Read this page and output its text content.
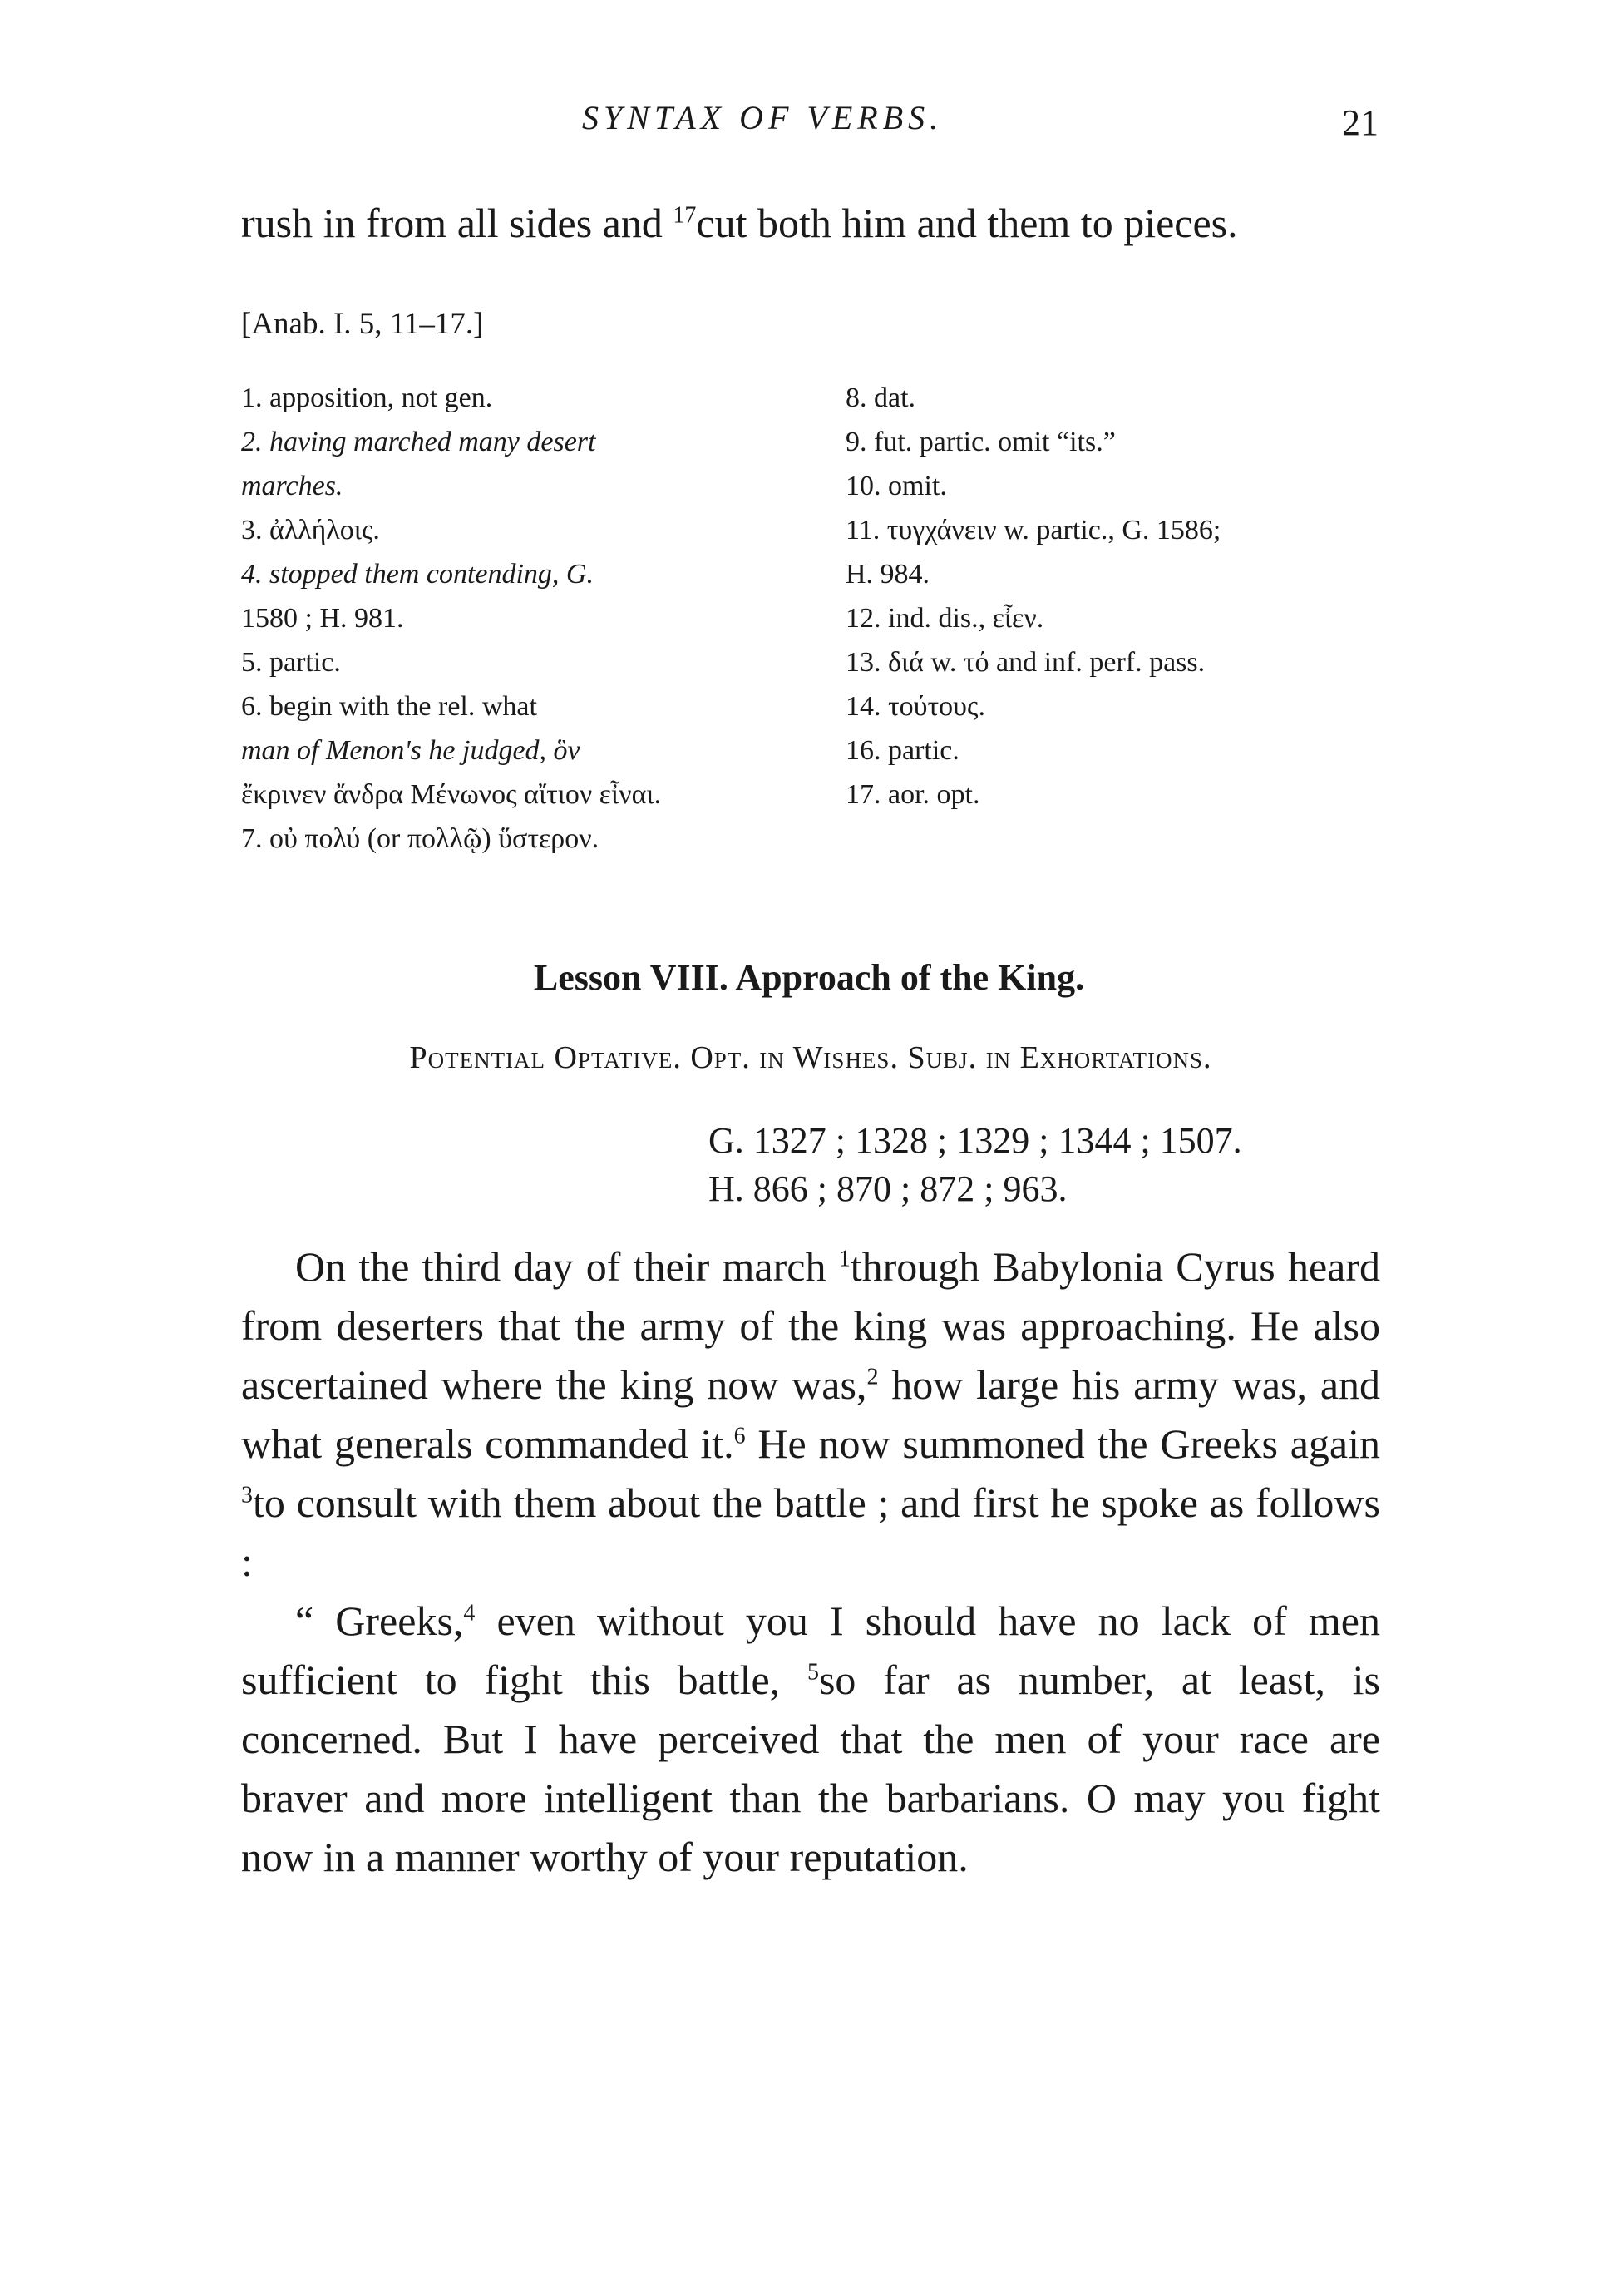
SYNTAX OF VERBS.	21

rush in from all sides and $^{17}$cut both him and them to pieces.

[Anab. I. 5, 11–17.]
1. apposition, not gen.
2. having marched many desert
marches.
3. ἀλλήλοις.
4. stopped them contending, G.
1580 ; H. 981.
5. partic.
6. begin with the rel. what
man of Menon's he judged, ὃν
ἔκρινεν ἄνδρα Μένωνος αἴτιον εἶναι.
7. οὐ πολύ (or πολλῷ) ὕστερον.
8. dat.
9. fut. partic. omit “its.”
10. omit.
11. τυγχάνειν w. partic., G. 1586;
H. 984.
12. ind. dis., εἶεν.
13. διά w. τό and inf. perf. pass.
14. τούτους.
16. partic.
17. aor. opt.
Lesson VIII. Approach of the King.
Potential Optative. Opt. in Wishes. Subj. in Exhortations.
G. 1327 ; 1328 ; 1329 ; 1344 ; 1507.
H. 866 ; 870 ; 872 ; 963.

On the third day of their march $^1$through Babylonia Cyrus heard from deserters that the army of the king was approaching. He also ascertained where the king now was,$^2$ how large his army was, and what generals commanded it.$^6$ He now summoned the Greeks again $^3$to consult with them about the battle ; and first he spoke as follows :

“ Greeks,$^4$ even without you I should have no lack of men sufficient to fight this battle, $^5$so far as number, at least, is concerned. But I have perceived that the men of your race are braver and more intelligent than the barbarians. O may you fight now in a manner worthy of your reputation.
